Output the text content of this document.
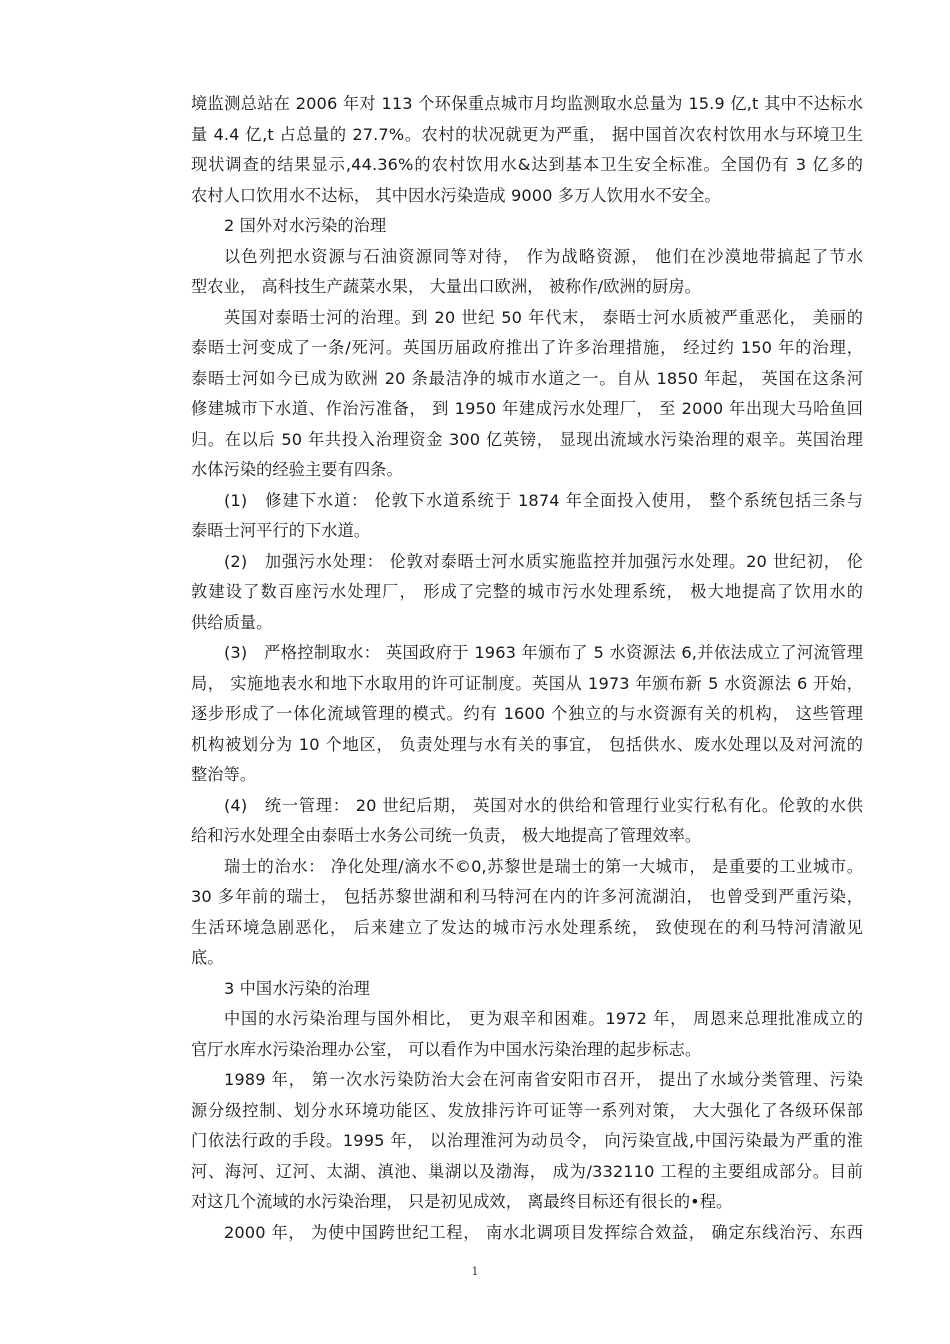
境监测总站在 2006 年对 113 个环保重点城市月均监测取水总量为 15.9 亿,t 其中不达标水
量 4.4 亿,t 占总量的 27.7%。农村的状况就更为严重， 据中国首次农村饮用水与环境卫生
现状调查的结果显示,44.36%的农村饮用水&达到基本卫生安全标准。全国仍有 3 亿多的
农村人口饮用水不达标， 其中因水污染造成 9000 多万人饮用水不安全。
2 国外对水污染的治理
以色列把水资源与石油资源同等对待， 作为战略资源， 他们在沙漠地带搞起了节水
型农业， 高科技生产蔬菜水果， 大量出口欧洲， 被称作/欧洲的厨房。
英国对泰晤士河的治理。到 20 世纪 50 年代末， 泰晤士河水质被严重恶化， 美丽的
泰晤士河变成了一条/死河。英国历届政府推出了许多治理措施， 经过约 150 年的治理，
泰晤士河如今已成为欧洲 20 条最洁净的城市水道之一。自从 1850 年起， 英国在这条河
修建城市下水道、作治污准备， 到 1950 年建成污水处理厂， 至 2000 年出现大马哈鱼回
归。在以后 50 年共投入治理资金 300 亿英镑， 显现出流域水污染治理的艰辛。英国治理
水体污染的经验主要有四条。
(1)　修建下水道： 伦敦下水道系统于 1874 年全面投入使用， 整个系统包括三条与
泰晤士河平行的下水道。
(2)　加强污水处理： 伦敦对泰晤士河水质实施监控并加强污水处理。20 世纪初， 伦
敦建设了数百座污水处理厂， 形成了完整的城市污水处理系统， 极大地提高了饮用水的
供给质量。
(3)　严格控制取水： 英国政府于 1963 年颁布了 5 水资源法 6,并依法成立了河流管理
局， 实施地表水和地下水取用的许可证制度。英国从 1973 年颁布新 5 水资源法 6 开始，
逐步形成了一体化流域管理的模式。约有 1600 个独立的与水资源有关的机构， 这些管理
机构被划分为 10 个地区， 负责处理与水有关的事宜， 包括供水、废水处理以及对河流的
整治等。
(4)　统一管理： 20 世纪后期， 英国对水的供给和管理行业实行私有化。伦敦的水供
给和污水处理全由泰晤士水务公司统一负责， 极大地提高了管理效率。
瑞士的治水： 净化处理/滴水不©0,苏黎世是瑞士的第一大城市， 是重要的工业城市。
30 多年前的瑞士， 包括苏黎世湖和利马特河在内的许多河流湖泊， 也曾受到严重污染，
生活环境急剧恶化， 后来建立了发达的城市污水处理系统， 致使现在的利马特河清澈见
底。
3 中国水污染的治理
中国的水污染治理与国外相比， 更为艰辛和困难。1972 年， 周恩来总理批准成立的
官厅水库水污染治理办公室， 可以看作为中国水污染治理的起步标志。
1989 年， 第一次水污染防治大会在河南省安阳市召开， 提出了水域分类管理、污染
源分级控制、划分水环境功能区、发放排污许可证等一系列对策， 大大强化了各级环保部
门依法行政的手段。1995 年， 以治理淮河为动员令， 向污染宣战,中国污染最为严重的淮
河、海河、辽河、太湖、滇池、巢湖以及渤海， 成为/332110 工程的主要组成部分。目前
对这几个流域的水污染治理， 只是初见成效， 离最终目标还有很长的•程。
2000 年， 为使中国跨世纪工程， 南水北调项目发挥综合效益， 确定东线治污、东西
1
